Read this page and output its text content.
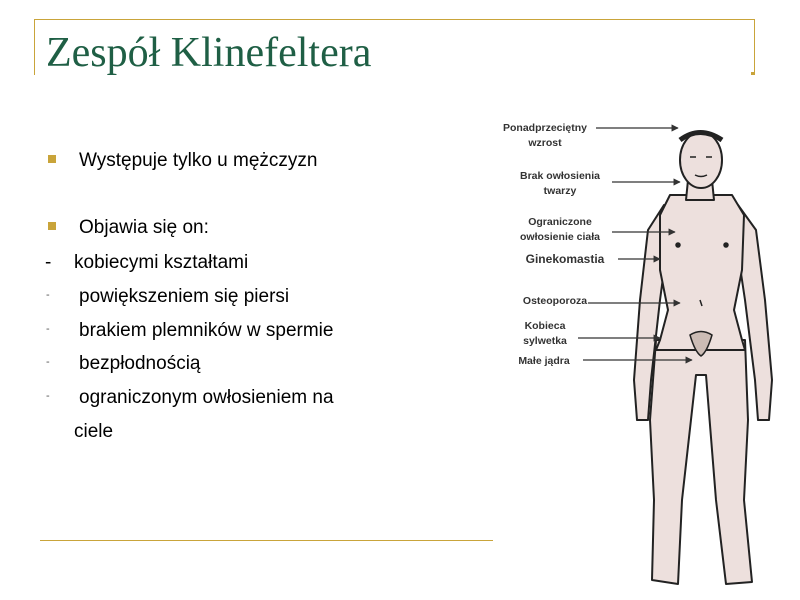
Zespół Klinefeltera
Występuje tylko u mężczyzn
Objawia się on:
- kobiecymi kształtami
- powiększeniem się piersi
- brakiem plemników w spermie
- bezpłodnością
- ograniczonym owłosieniem na
ciele
Ponadprzeciętny
wzrost
Brak owłosienia
twarzy
Ograniczone
owłosienie ciała
Ginekomastia
Osteoporoza
Kobieca
sylwetka
Małe jądra
